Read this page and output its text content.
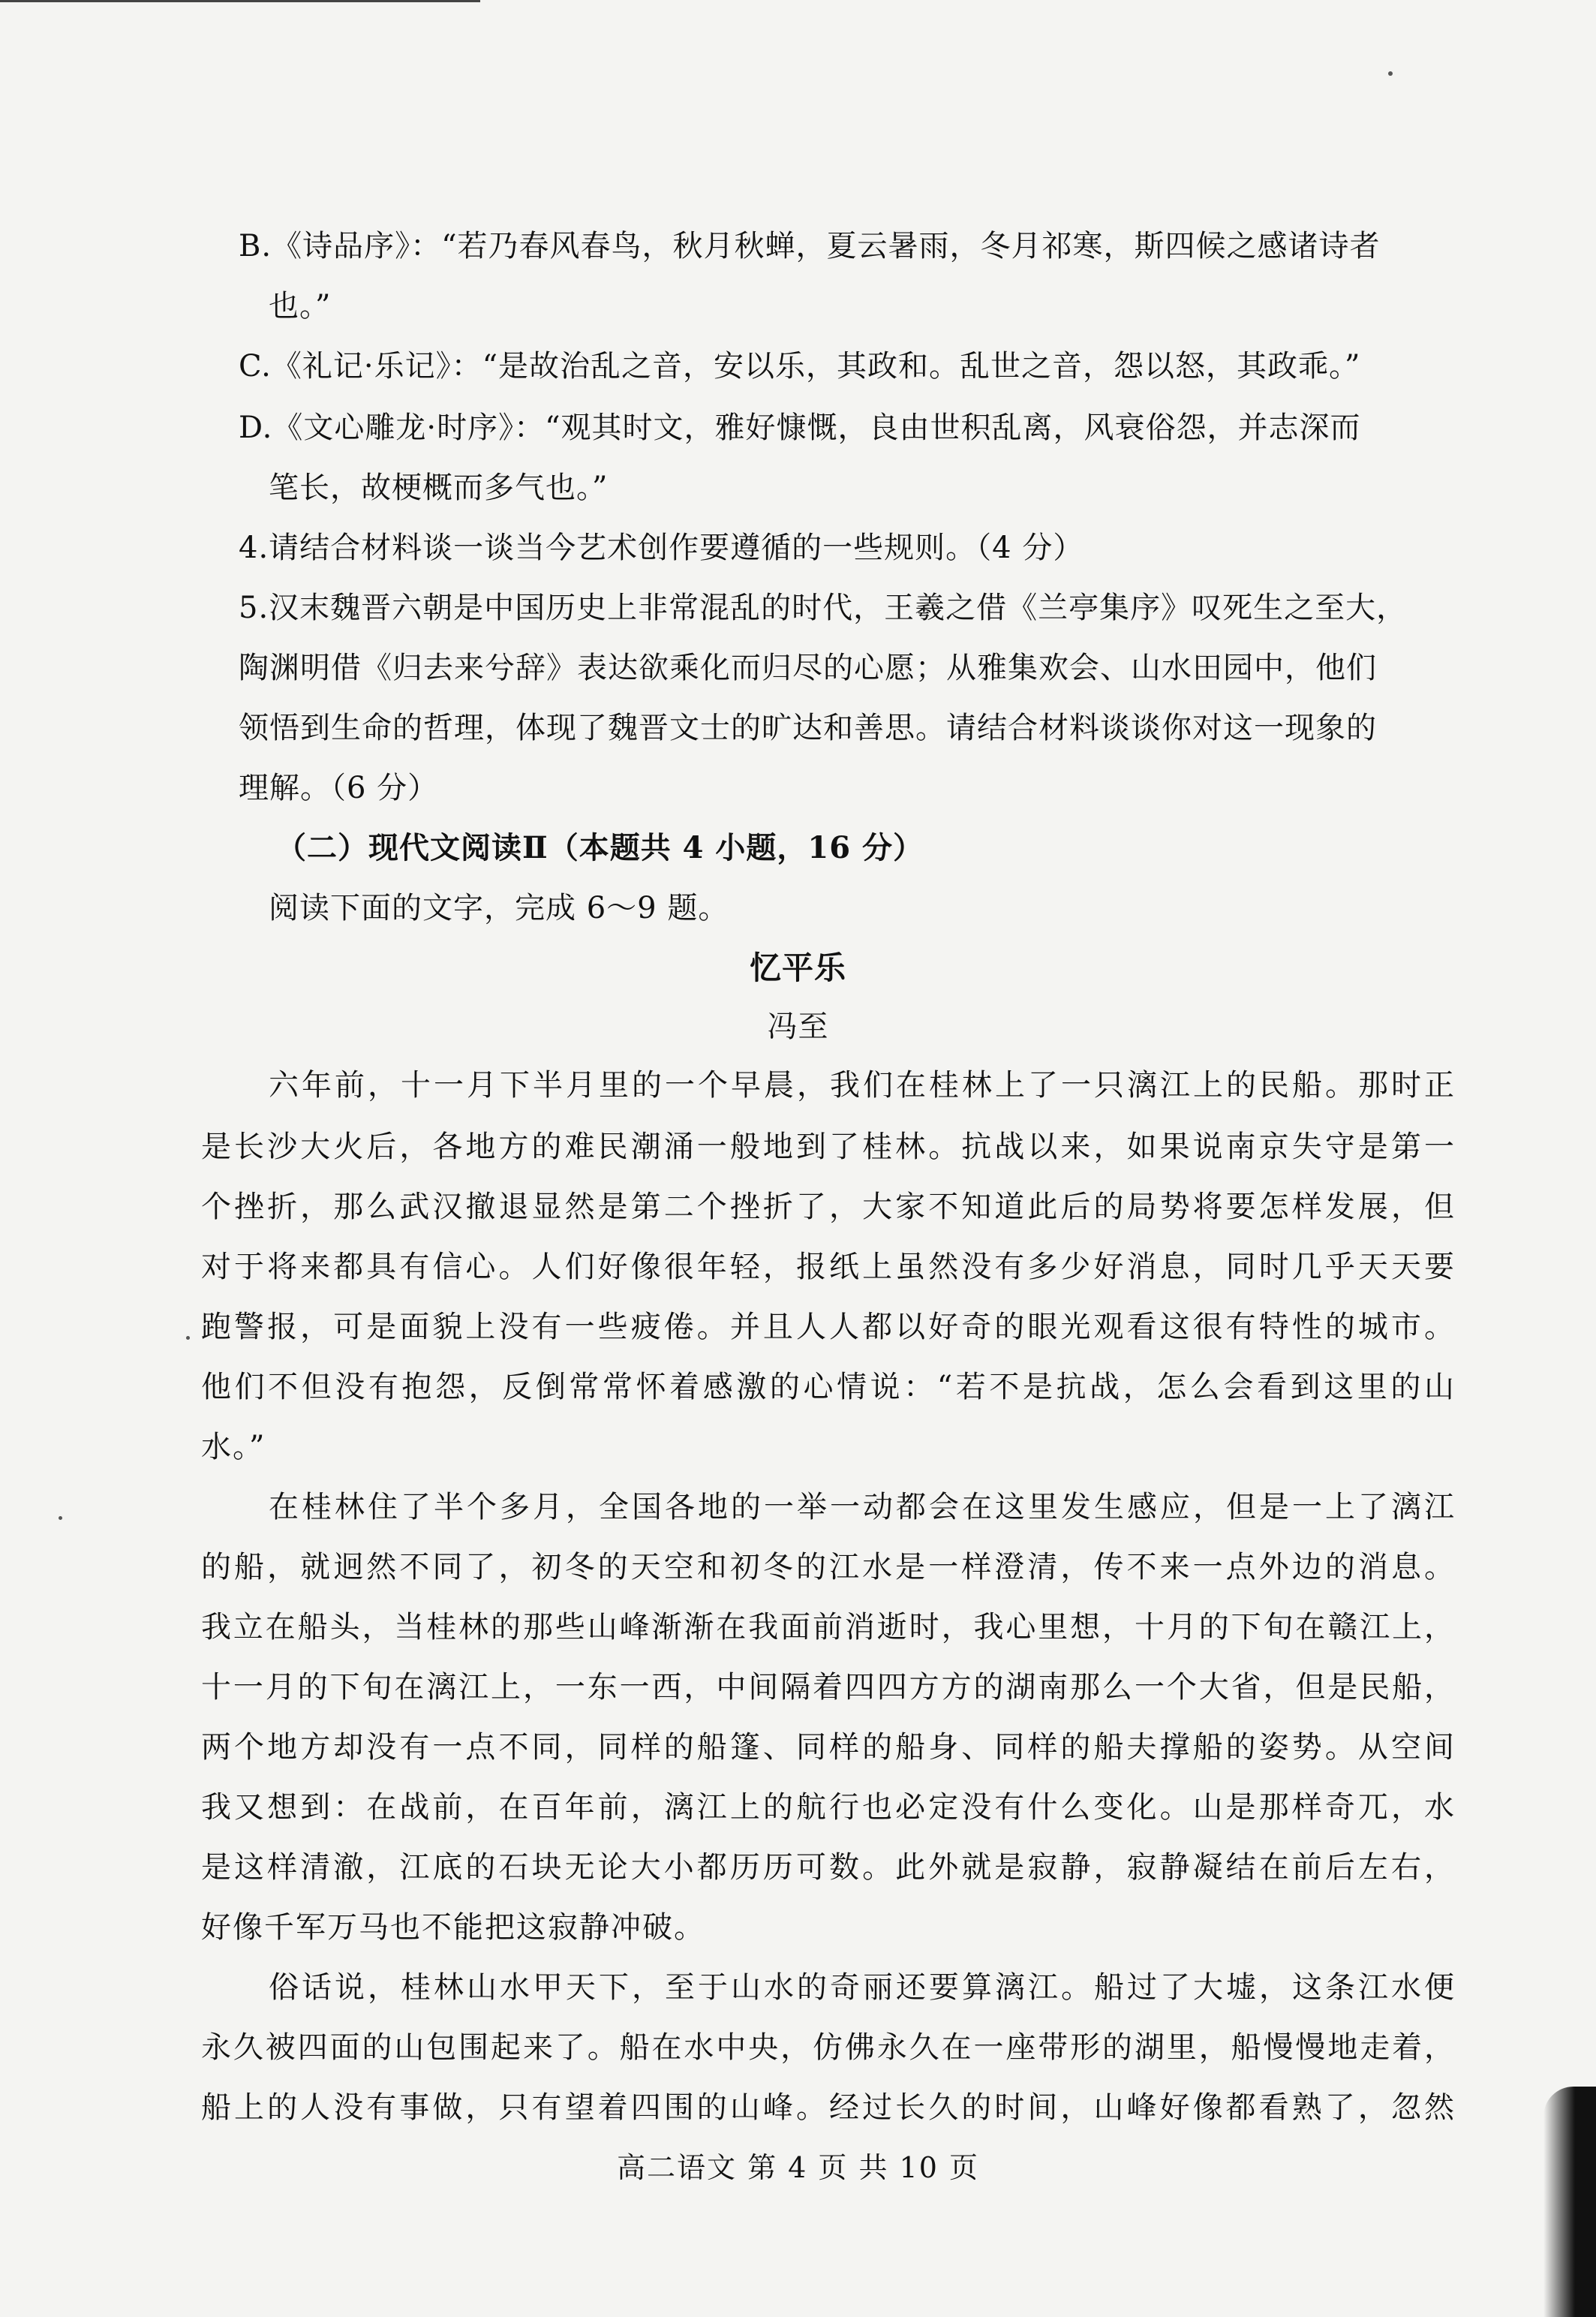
B.《诗品序》：“若乃春风春鸟，秋月秋蝉，夏云暑雨，冬月祁寒，斯四候之感诸诗者
也。”
C.《礼记·乐记》：“是故治乱之音，安以乐，其政和。乱世之音，怨以怒，其政乖。”
D.《文心雕龙·时序》：“观其时文，雅好慷慨，良由世积乱离，风衰俗怨，并志深而
笔长，故梗概而多气也。”
4.请结合材料谈一谈当今艺术创作要遵循的一些规则。（4 分）
5.汉末魏晋六朝是中国历史上非常混乱的时代，王羲之借《兰亭集序》叹死生之至大，
陶渊明借《归去来兮辞》表达欲乘化而归尽的心愿；从雅集欢会、山水田园中，他们
领悟到生命的哲理，体现了魏晋文士的旷达和善思。请结合材料谈谈你对这一现象的
理解。（6 分）
（二）现代文阅读Ⅱ（本题共 4 小题，16 分）
阅读下面的文字，完成 6～9 题。
忆平乐
冯至
六年前，十一月下半月里的一个早晨，我们在桂林上了一只漓江上的民船。那时正
是长沙大火后，各地方的难民潮涌一般地到了桂林。抗战以来，如果说南京失守是第一
个挫折，那么武汉撤退显然是第二个挫折了，大家不知道此后的局势将要怎样发展，但
对于将来都具有信心。人们好像很年轻，报纸上虽然没有多少好消息，同时几乎天天要
跑警报，可是面貌上没有一些疲倦。并且人人都以好奇的眼光观看这很有特性的城市。
他们不但没有抱怨，反倒常常怀着感激的心情说：“若不是抗战，怎么会看到这里的山
水。”
在桂林住了半个多月，全国各地的一举一动都会在这里发生感应，但是一上了漓江
的船，就迥然不同了，初冬的天空和初冬的江水是一样澄清，传不来一点外边的消息。
我立在船头，当桂林的那些山峰渐渐在我面前消逝时，我心里想，十月的下旬在赣江上，
十一月的下旬在漓江上，一东一西，中间隔着四四方方的湖南那么一个大省，但是民船，
两个地方却没有一点不同，同样的船篷、同样的船身、同样的船夫撑船的姿势。从空间
我又想到：在战前，在百年前，漓江上的航行也必定没有什么变化。山是那样奇兀，水
是这样清澈，江底的石块无论大小都历历可数。此外就是寂静，寂静凝结在前后左右，
好像千军万马也不能把这寂静冲破。
俗话说，桂林山水甲天下，至于山水的奇丽还要算漓江。船过了大墟，这条江水便
永久被四面的山包围起来了。船在水中央，仿佛永久在一座带形的湖里，船慢慢地走着，
船上的人没有事做，只有望着四围的山峰。经过长久的时间，山峰好像都看熟了，忽然
高二语文 第 4 页 共 10 页
